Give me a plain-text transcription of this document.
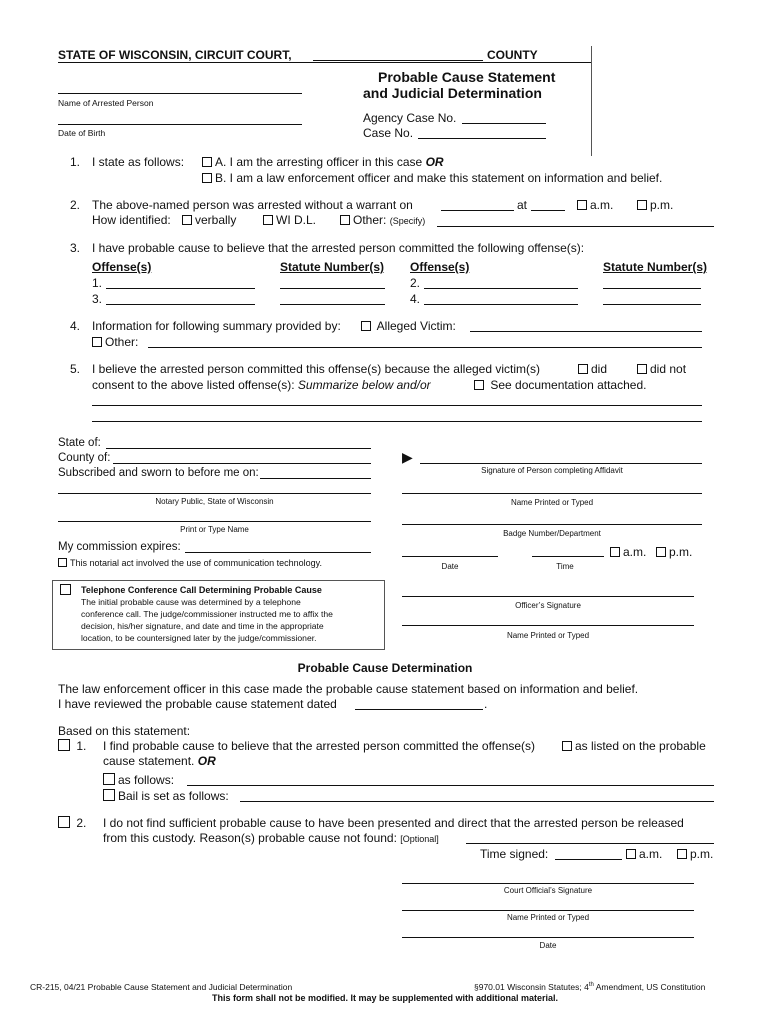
STATE OF WISCONSIN, CIRCUIT COURT,	COUNTY
Probable Cause Statement
and Judicial Determination
Name of Arrested Person
Date of Birth
Agency Case No.
Case No.
1. I state as follows:	A. I am the arresting officer in this case OR
B. I am a law enforcement officer and make this statement on information and belief.
2. The above-named person was arrested without a warrant on	at	a.m.	p.m.
How identified:	verbally	WI D.L.	Other: (Specify)
3. I have probable cause to believe that the arrested person committed the following offense(s):
Offense(s)	Statute Number(s) Offense(s)	Statute Number(s)
1.	2.
3.	4.
4. Information for following summary provided by:	Alleged Victim:
Other:
5. I believe the arrested person committed this offense(s) because the alleged victim(s)	did	did not
consent to the above listed offense(s): Summarize below and/or	See documentation attached.
State of:
County of:
Subscribed and sworn to before me on:
Notary Public, State of Wisconsin
Print or Type Name
My commission expires:
This notarial act involved the use of communication technology.
▶
Signature of Person completing Affidavit
Name Printed or Typed
Badge Number/Department
a.m.	p.m.
Date	Time
Telephone Conference Call Determining Probable Cause
The initial probable cause was determined by a telephone
conference call. The judge/commissioner instructed me to affix the
decision, his/her signature, and date and time in the appropriate
location, to be countersigned later by the judge/commissioner.
Officer’s Signature
Name Printed or Typed
Probable Cause Determination
The law enforcement officer in this case made the probable cause statement based on information and belief.
I have reviewed the probable cause statement dated	.
Based on this statement:
1. I find probable cause to believe that the arrested person committed the offense(s)	as listed on the probable
cause statement. OR
as follows:
Bail is set as follows:
2. I do not find sufficient probable cause to have been presented and direct that the arrested person be released
from this custody. Reason(s) probable cause not found: [Optional]
Time signed:	a.m.	p.m.
Court Official’s Signature
Name Printed or Typed
Date
CR-215, 04/21 Probable Cause Statement and Judicial Determination	§970.01 Wisconsin Statutes; 4th Amendment, US Constitution
This form shall not be modified. It may be supplemented with additional material.
